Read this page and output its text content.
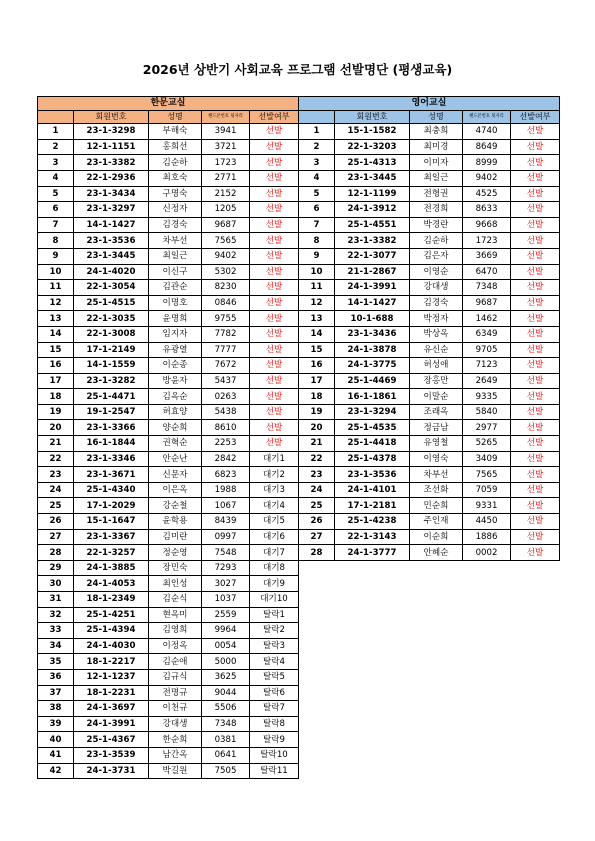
2026년 상반기 사회교육 프로그램 선발명단 (평생교육)
한문교실				
	회원번호	성명	핸드폰번호 뒷자리	선발여부
1	23-1-3298	부해숙	3941	선발
2	12-1-1151	홍희선	3721	선발
3	23-1-3382	김순하	1723	선발
4	22-1-2936	최호숙	2771	선발
5	23-1-3434	구명숙	2152	선발
6	23-1-3297	신정자	1205	선발
7	14-1-1427	김경숙	9687	선발
8	23-1-3536	차부선	7565	선발
9	23-1-3445	최일근	9402	선발
10	24-1-4020	이신구	5302	선발
11	22-1-3054	김관순	8230	선발
12	25-1-4515	이명호	0846	선발
13	22-1-3035	윤명희	9755	선발
14	22-1-3008	임지자	7782	선발
15	17-1-2149	유광열	7777	선발
16	14-1-1559	이순종	7672	선발
17	23-1-3282	방윤자	5437	선발
18	25-1-4471	김옥순	0263	선발
19	19-1-2547	허효양	5438	선발
20	23-1-3366	양순희	8610	선발
21	16-1-1844	권혁순	2253	선발
22	23-1-3346	안순난	2842	대기1
23	23-1-3671	신문자	6823	대기2
24	25-1-4340	이은옥	1988	대기3
25	17-1-2029	강순철	1067	대기4
26	15-1-1647	윤학용	8439	대기5
27	23-1-3367	김미란	0997	대기6
28	22-1-3257	정순영	7548	대기7
29	24-1-3885	장민숙	7293	대기8
30	24-1-4053	최인성	3027	대기9
31	18-1-2349	김순식	1037	대기10
32	25-1-4251	현옥미	2559	탈락1
33	25-1-4394	김영희	9964	탈락2
34	24-1-4030	이정옥	0054	탈락3
35	18-1-2217	김순애	5000	탈락4
36	12-1-1237	김규식	3625	탈락5
37	18-1-2231	전명규	9044	탈락6
38	24-1-3697	이천규	5506	탈락7
39	24-1-3991	강대생	7348	탈락8
40	25-1-4367	한순희	0381	탈락9
41	23-1-3539	남간옥	0641	탈락10
42	24-1-3731	박길원	7505	탈락11
영어교실				
	회원번호	성명	핸드폰번호 뒷자리	선발여부
1	15-1-1582	최충희	4740	선발
2	22-1-3203	최미경	8649	선발
3	25-1-4313	이미자	8999	선발
4	23-1-3445	최일근	9402	선발
5	12-1-1199	전형권	4525	선발
6	24-1-3912	전경희	8633	선발
7	25-1-4551	박경란	9668	선발
8	23-1-3382	김순하	1723	선발
9	22-1-3077	김은자	3669	선발
10	21-1-2867	이영순	6470	선발
11	24-1-3991	강대생	7348	선발
12	14-1-1427	김경숙	9687	선발
13	10-1-688	박정자	1462	선발
14	23-1-3436	박상옥	6349	선발
15	24-1-3878	유신순	9705	선발
16	24-1-3775	허성애	7123	선발
17	25-1-4469	장홍만	2649	선발
18	16-1-1861	이말순	9335	선발
19	23-1-3294	조래옥	5840	선발
20	25-1-4535	정금남	2977	선발
21	25-1-4418	유영철	5265	선발
22	25-1-4378	이영숙	3409	선발
23	23-1-3536	차부선	7565	선발
24	24-1-4101	조선화	7059	선발
25	17-1-2181	민순희	9331	선발
26	25-1-4238	주인재	4450	선발
27	22-1-3143	이순희	1886	선발
28	24-1-3777	안혜순	0002	선발
